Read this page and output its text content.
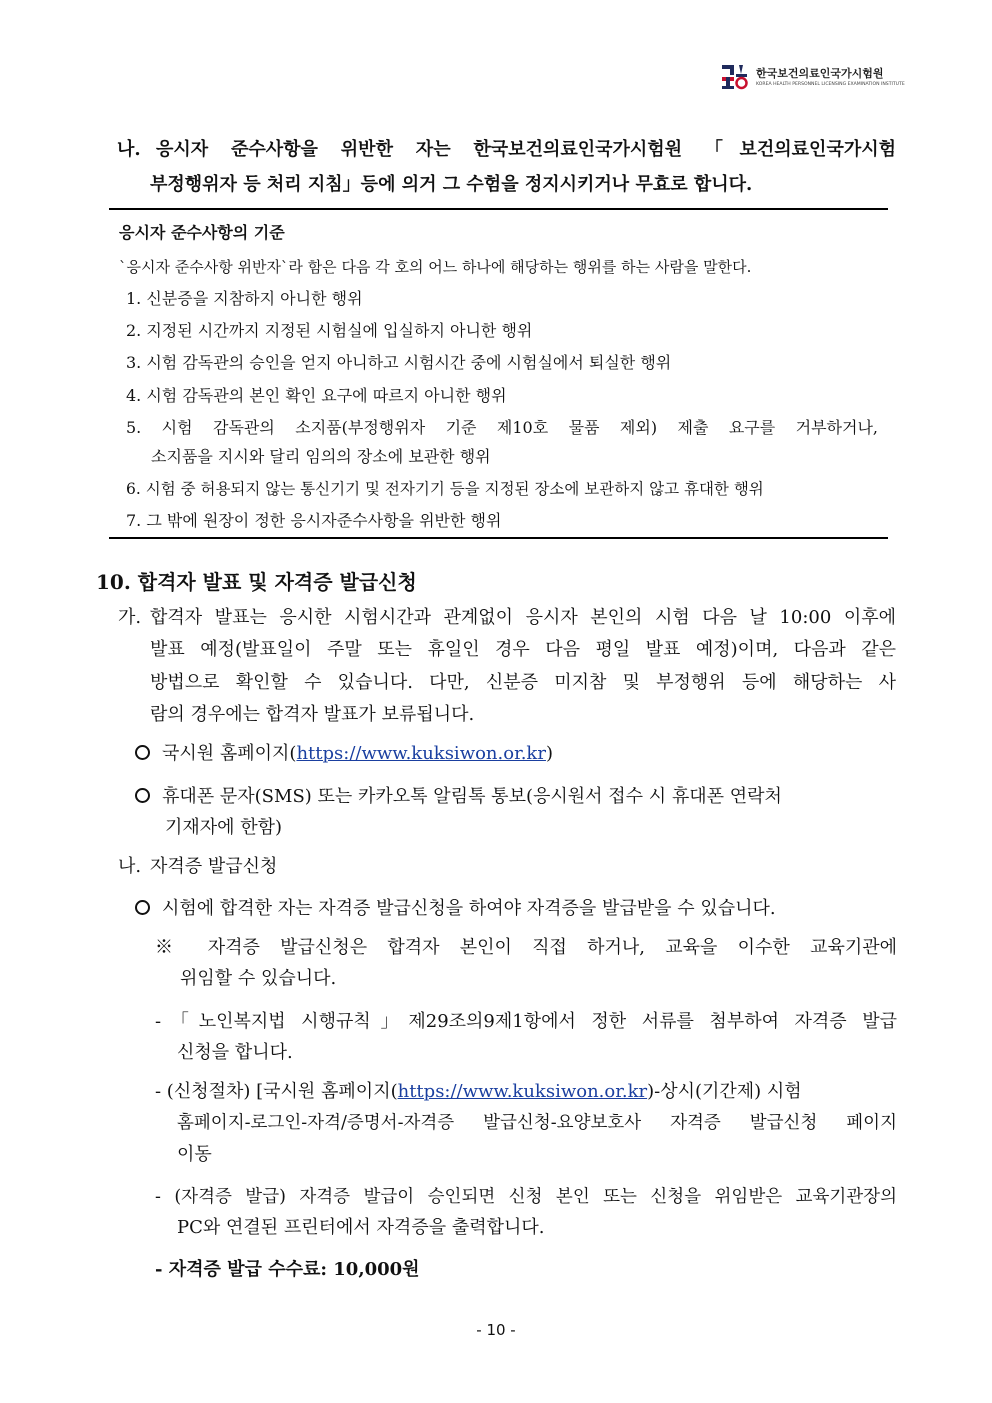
한국보건의료인국가시험원
KOREA HEALTH PERSONNEL LICENSING EXAMINATION INSTITUTE
나. 응시자 준수사항을 위반한 자는 한국보건의료인국가시험원 「보건의료인국가시험
부정행위자 등 처리 지침」등에 의거 그 수험을 정지시키거나 무효로 합니다.
응시자 준수사항의 기준
`응시자 준수사항 위반자`라 함은 다음 각 호의 어느 하나에 해당하는 행위를 하는 사람을 말한다.
1. 신분증을 지참하지 아니한 행위
2. 지정된 시간까지 지정된 시험실에 입실하지 아니한 행위
3. 시험 감독관의 승인을 얻지 아니하고 시험시간 중에 시험실에서 퇴실한 행위
4. 시험 감독관의 본인 확인 요구에 따르지 아니한 행위
5. 시험 감독관의 소지품(부정행위자 기준 제10호 물품 제외) 제출 요구를 거부하거나,
소지품을 지시와 달리 임의의 장소에 보관한 행위
6. 시험 중 허용되지 않는 통신기기 및 전자기기 등을 지정된 장소에 보관하지 않고 휴대한 행위
7. 그 밖에 원장이 정한 응시자준수사항을 위반한 행위
10. 합격자 발표 및 자격증 발급신청
가. 합격자 발표는 응시한 시험시간과 관계없이 응시자 본인의 시험 다음 날 10:00 이후에
발표 예정(발표일이 주말 또는 휴일인 경우 다음 평일 발표 예정)이며, 다음과 같은
방법으로 확인할 수 있습니다. 다만, 신분증 미지참 및 부정행위 등에 해당하는 사
람의 경우에는 합격자 발표가 보류됩니다.
국시원 홈페이지(https://www.kuksiwon.or.kr)
휴대폰 문자(SMS) 또는 카카오톡 알림톡 통보(응시원서 접수 시 휴대폰 연락처
기재자에 한함)
나. 자격증 발급신청
시험에 합격한 자는 자격증 발급신청을 하여야 자격증을 발급받을 수 있습니다.
※ 자격증 발급신청은 합격자 본인이 직접 하거나, 교육을 이수한 교육기관에
위임할 수 있습니다.
-「노인복지법 시행규칙」제29조의9제1항에서 정한 서류를 첨부하여 자격증 발급
신청을 합니다.
- (신청절차) [국시원 홈페이지(https://www.kuksiwon.or.kr)-상시(기간제) 시험
홈페이지-로그인-자격/증명서-자격증 발급신청-요양보호사 자격증 발급신청 페이지
이동
- (자격증 발급) 자격증 발급이 승인되면 신청 본인 또는 신청을 위임받은 교육기관장의
PC와 연결된 프린터에서 자격증을 출력합니다.
- 자격증 발급 수수료: 10,000원
- 10 -
